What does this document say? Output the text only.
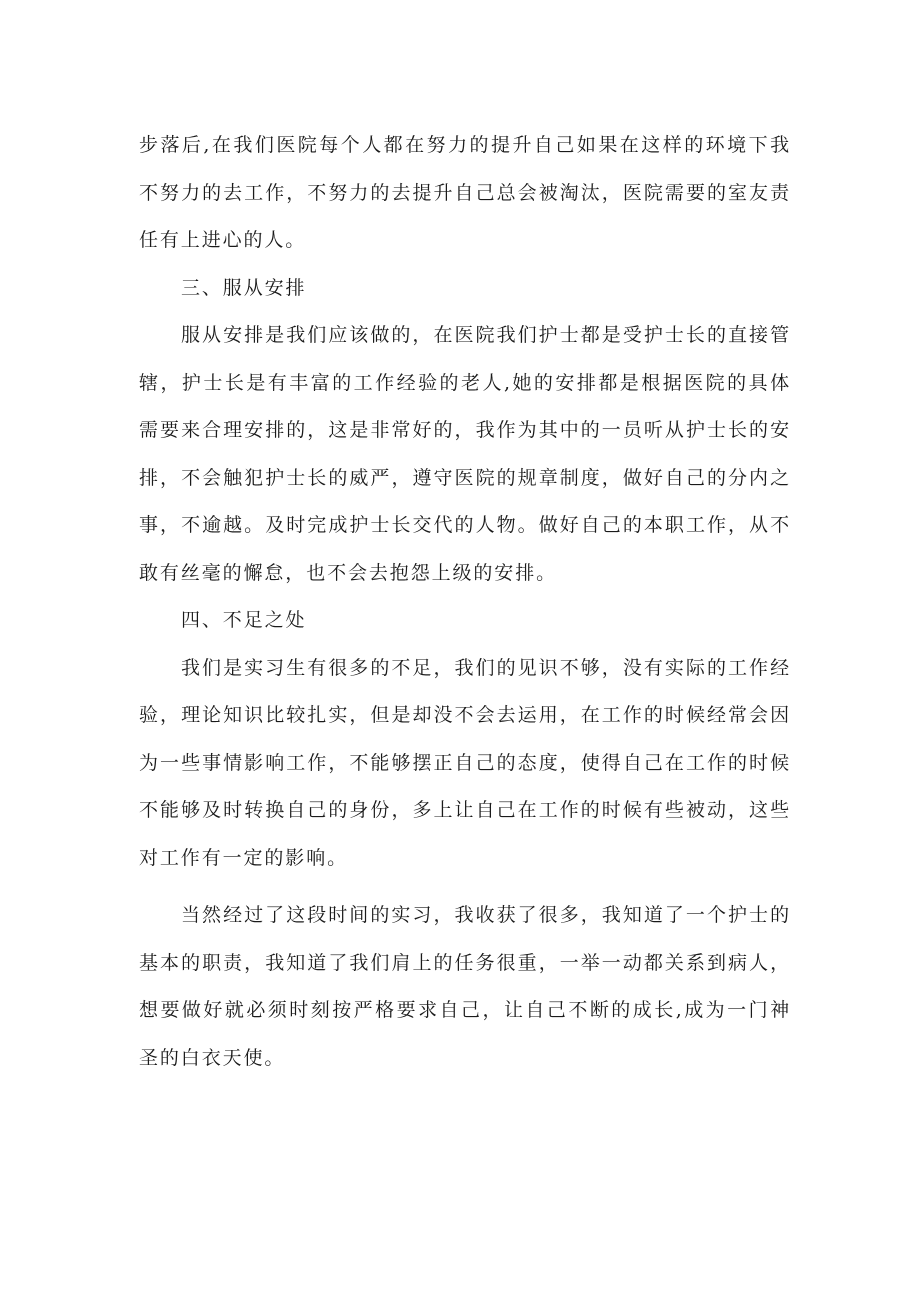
步落后,在我们医院每个人都在努力的提升自己如果在这样的环境下我不努力的去工作，不努力的去提升自己总会被淘汰，医院需要的室友责任有上进心的人。

三、服从安排

服从安排是我们应该做的，在医院我们护士都是受护士长的直接管辖，护士长是有丰富的工作经验的老人,她的安排都是根据医院的具体需要来合理安排的，这是非常好的，我作为其中的一员听从护士长的安排，不会触犯护士长的威严，遵守医院的规章制度，做好自己的分内之事，不逾越。及时完成护士长交代的人物。做好自己的本职工作，从不敢有丝毫的懈怠，也不会去抱怨上级的安排。

四、不足之处

我们是实习生有很多的不足，我们的见识不够，没有实际的工作经验，理论知识比较扎实，但是却没不会去运用，在工作的时候经常会因为一些事情影响工作，不能够摆正自己的态度，使得自己在工作的时候不能够及时转换自己的身份，多上让自己在工作的时候有些被动，这些对工作有一定的影响。

当然经过了这段时间的实习，我收获了很多，我知道了一个护士的基本的职责，我知道了我们肩上的任务很重，一举一动都关系到病人，想要做好就必须时刻按严格要求自己，让自己不断的成长,成为一门神圣的白衣天使。
